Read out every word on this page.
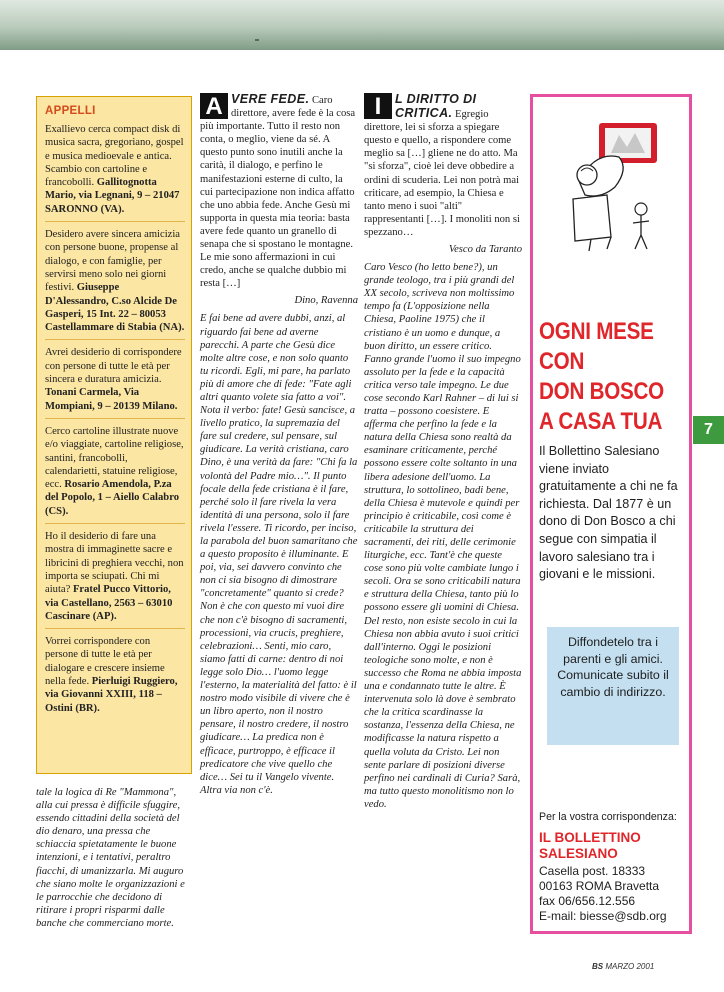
APPELLI
Exallievo cerca compact disk di musica sacra, gregoriano, gospel e musica medioevale e antica. Scambio con cartoline e francobolli. Gallitognotta Mario, via Legnani, 9 – 21047 SARONNO (VA).
Desidero avere sincera amicizia con persone buone, propense al dialogo, e con famiglie, per servirsi meno solo nei giorni festivi. Giuseppe D'Alessandro, C.so Alcide De Gasperi, 15 Int. 22 – 80053 Castellammare di Stabia (NA).
Avrei desiderio di corrispondere con persone di tutte le età per sincera e duratura amicizia. Tonani Carmela, Via Mompiani, 9 – 20139 Milano.
Cerco cartoline illustrate nuove e/o viaggiate, cartoline religiose, santini, francobolli, calendarietti, statuine religiose, ecc. Rosario Amendola, P.za del Popolo, 1 – Aiello Calabro (CS).
Ho il desiderio di fare una mostra di immaginette sacre e libricini di preghiera vecchi, non importa se sciupati. Chi mi aiuta? Fratel Pucco Vittorio, via Castellano, 2563 – 63010 Cascinare (AP).
Vorrei corrispondere con persone di tutte le età per dialogare e crescere insieme nella fede. Pierluigi Ruggiero, via Giovanni XXIII, 118 – Ostini (BR).
tale la logica di Re "Mammona", alla cui pressa è difficile sfuggire, essendo cittadini della società del dio denaro, una pressa che schiaccia spietatamente le buone intenzioni, e i tentativi, peraltro fiacchi, di umanizzarla. Mi auguro che siano molte le organizzazioni e le parrocchie che decidono di ritirare i propri risparmi dalle banche che commerciano morte.
A VERE FEDE. Caro direttore, avere fede è la cosa più importante. Tutto il resto non conta, o meglio, viene da sé. A questo punto sono inutili anche la carità, il dialogo, e perfino le manifestazioni esterne di culto, la cui partecipazione non indica affatto che uno abbia fede. Anche Gesù mi supporta in questa mia teoria: basta avere fede quanto un granello di senapa che si spostano le montagne. Le mie sono affermazioni in cui credo, anche se qualche dubbio mi resta […]
Dino, Ravenna
E fai bene ad avere dubbi, anzi, al riguardo fai bene ad averne parecchi. A parte che Gesù dice molte altre cose, e non solo quanto tu ricordi. Egli, mi pare, ha parlato più di amore che di fede: "Fate agli altri quanto volete sia fatto a voi". Nota il verbo: fate! Gesù sancisce, a livello pratico, la supremazia del fare sul credere, sul pensare, sul giudicare. La verità cristiana, caro Dino, è una verità da fare: "Chi fa la volontà del Padre mio…". Il punto focale della fede cristiana è il fare, perché solo il fare rivela la vera identità di una persona, solo il fare rivela l'essere. Ti ricordo, per inciso, la parabola del buon samaritano che a questo proposito è illuminante. E poi, via, sei davvero convinto che non ci sia bisogno di dimostrare "concretamente" quanto si crede? Non è che con questo mi vuoi dire che non c'è bisogno di sacramenti, processioni, via crucis, preghiere, celebrazioni… Senti, mio caro, siamo fatti di carne: dentro di noi legge solo Dio… l'uomo legge l'esterno, la materialità del fatto: è il nostro modo visibile di vivere che è un libro aperto, non il nostro pensare, il nostro credere, il nostro giudicare… La predica non è efficace, purtroppo, è efficace il predicatore che vive quello che dice… Sei tu il Vangelo vivente. Altra via non c'è.
I	L DIRITTO DI CRITICA. Egregio direttore, lei si sforza a spiegare questo e quello, a rispondere come meglio sa […] gliene ne do atto. Ma "si sforza", cioè lei deve obbedire a ordini di scuderia. Lei non potrà mai criticare, ad esempio, la Chiesa e tanto meno i suoi "alti" rappresentanti […]. I monoliti non si spezzano…
Vesco da Taranto
Caro Vesco (ho letto bene?), un grande teologo, tra i più grandi del XX secolo, scriveva non moltissimo tempo fa (L'opposizione nella Chiesa, Paoline 1975) che il cristiano è un uomo e dunque, a buon diritto, un essere critico. Fanno grande l'uomo il suo impegno assoluto per la fede e la capacità critica verso tale impegno. Le due cose secondo Karl Rahner – di lui si tratta – possono coesistere. E afferma che perfino la fede e la natura della Chiesa sono realtà da esaminare criticamente, perché possono essere colte soltanto in una libera adesione dell'uomo. La struttura, lo sottolineo, badi bene, della Chiesa è mutevole e quindi per principio è criticabile, così come è criticabile la struttura dei sacramenti, dei riti, delle cerimonie liturgiche, ecc. Tant'è che queste cose sono più volte cambiate lungo i secoli. Ora se sono criticabili natura e struttura della Chiesa, tanto più lo possono essere gli uomini di Chiesa. Del resto, non esiste secolo in cui la Chiesa non abbia avuto i suoi critici dall'interno. Oggi le posizioni teologiche sono molte, e non è successo che Roma ne abbia imposta una e condannato tutte le altre. È intervenuta solo là dove è sembrato che la critica scardinasse la sostanza, l'essenza della Chiesa, ne modificasse la natura rispetto a quella voluta da Cristo. Lei non sente parlare di posizioni diverse perfino nei cardinali di Curia? Sarà, ma tutto questo monolitismo non lo vedo.
OGNI MESE
CON
DON BOSCO
A CASA TUA
Il Bollettino Salesiano viene inviato gratuitamente a chi ne fa richiesta. Dal 1877 è un dono di Don Bosco a chi segue con simpatia il lavoro salesiano tra i giovani e le missioni.
Diffondetelo tra i parenti e gli amici. Comunicate subito il cambio di indirizzo.
Per la vostra corrispondenza:
IL BOLLETTINO
SALESIANO
Casella post. 18333
00163 ROMA Bravetta
fax 06/656.12.556
E-mail: biesse@sdb.org
7
BS MARZO 2001
